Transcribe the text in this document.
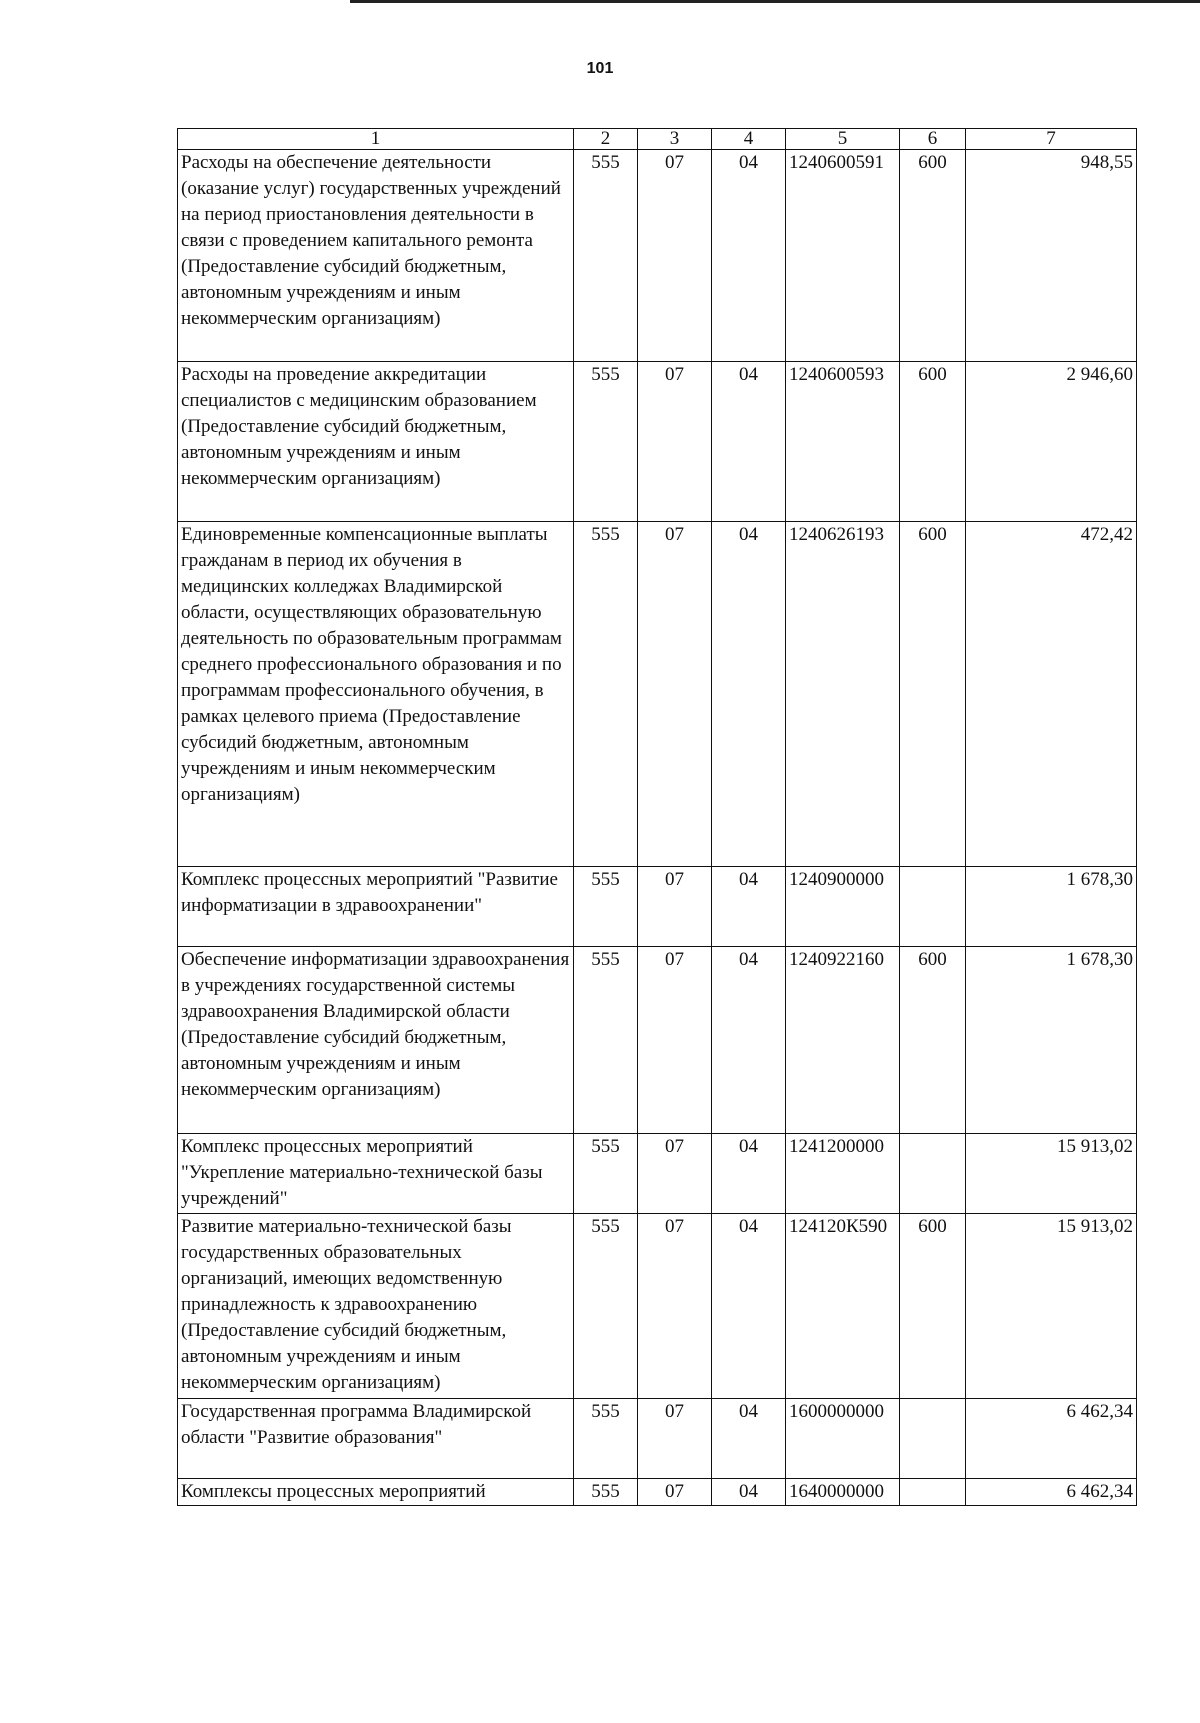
101
1	2	3	4	5	6	7
Расходы на обеспечение деятельности (оказание услуг) государственных учреждений на период приостановления деятельности в связи с проведением капитального ремонта (Предоставление субсидий бюджетным, автономным учреждениям и иным некоммерческим организациям)	555	07	04	1240600591	600	948,55
Расходы на проведение аккредитации специалистов с медицинским образованием (Предоставление субсидий бюджетным, автономным учреждениям и иным некоммерческим организациям)	555	07	04	1240600593	600	2 946,60
Единовременные компенсационные выплаты гражданам в период их обучения в медицинских колледжах Владимирской области, осуществляющих образовательную деятельность по образовательным программам среднего профессионального образования и по программам профессионального обучения, в рамках целевого приема (Предоставление субсидий бюджетным, автономным учреждениям и иным некоммерческим организациям)	555	07	04	1240626193	600	472,42
Комплекс процессных мероприятий "Развитие информатизации в здравоохранении"	555	07	04	1240900000		1 678,30
Обеспечение информатизации здравоохранения в учреждениях государственной системы здравоохранения Владимирской области (Предоставление субсидий бюджетным, автономным учреждениям и иным некоммерческим организациям)	555	07	04	1240922160	600	1 678,30
Комплекс процессных мероприятий "Укрепление материально-технической базы учреждений"	555	07	04	1241200000		15 913,02
Развитие материально-технической базы государственных образовательных организаций, имеющих ведомственную принадлежность к здравоохранению (Предоставление субсидий бюджетным, автономным учреждениям и иным некоммерческим организациям)	555	07	04	124120К590	600	15 913,02
Государственная программа Владимирской области "Развитие образования"	555	07	04	1600000000		6 462,34
Комплексы процессных мероприятий	555	07	04	1640000000		6 462,34
